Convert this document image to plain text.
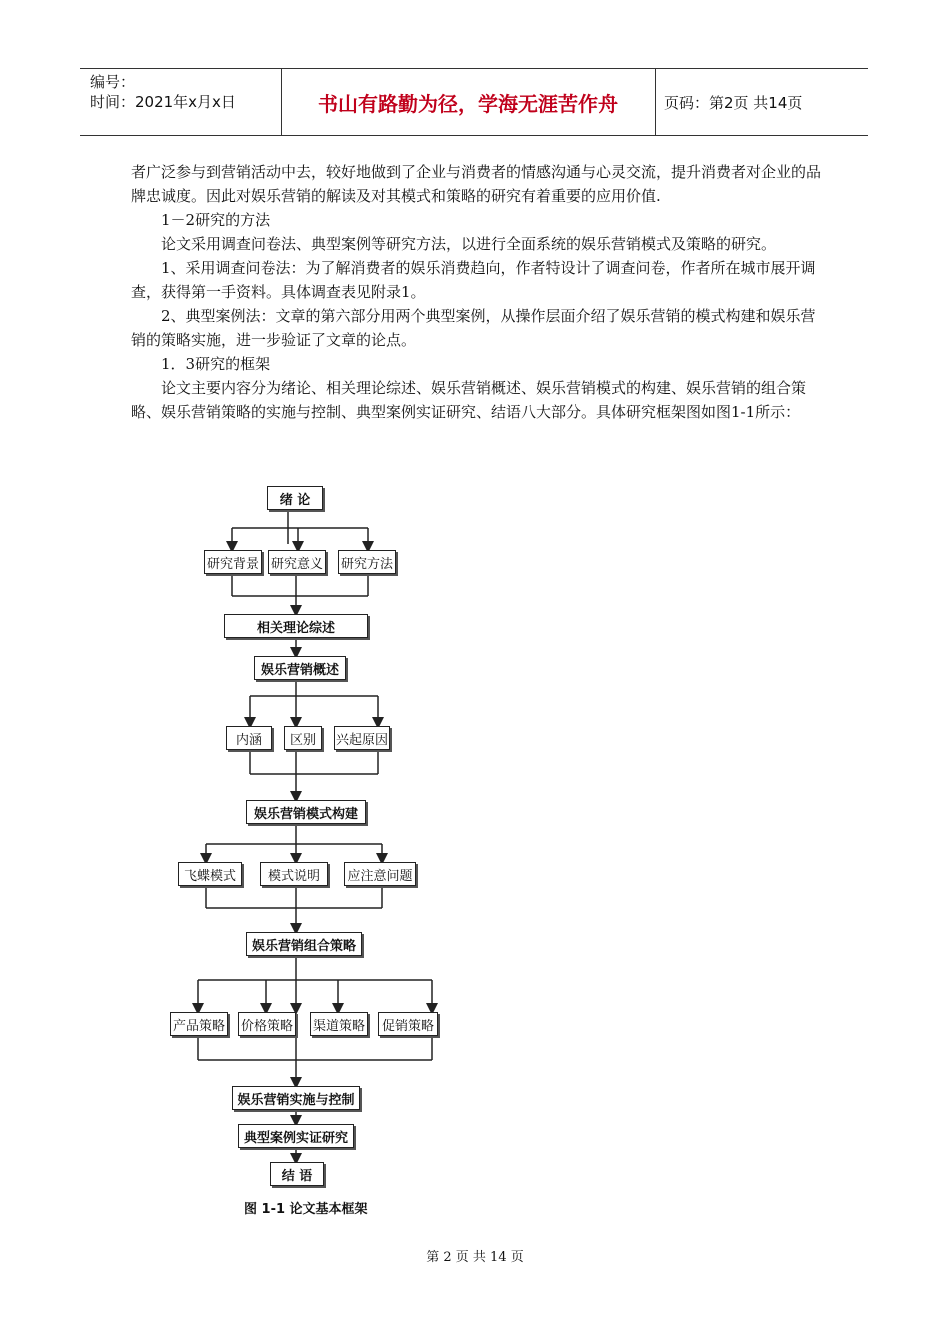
编号：
时间：2021年x月x日	书山有路勤为径，学海无涯苦作舟	页码：第2页 共14页

者广泛参与到营销活动中去，较好地做到了企业与消费者的情感沟通与心灵交流，提升消费者对企业的品牌忠诚度。因此对娱乐营销的解读及对其模式和策略的研究有着重要的应用价值.

1－2研究的方法

论文采用调查问卷法、典型案例等研究方法，以进行全面系统的娱乐营销模式及策略的研究。

1、采用调查问卷法：为了解消费者的娱乐消费趋向，作者特设计了调查问卷，作者所在城市展开调查，获得第一手资料。具体调查表见附录1。

2、典型案例法：文章的第六部分用两个典型案例，从操作层面介绍了娱乐营销的模式构建和娱乐营销的策略实施，进一步验证了文章的论点。

1．3研究的框架

论文主要内容分为绪论、相关理论综述、娱乐营销概述、娱乐营销模式的构建、娱乐营销的组合策略、娱乐营销策略的实施与控制、典型案例实证研究、结语八大部分。具体研究框架图如图1-1所示：

绪 论
研究背景 研究意义 研究方法
相关理论综述
娱乐营销概述
内涵	区别	兴起原因
娱乐营销模式构建
飞蝶模式	模式说明	应注意问题
娱乐营销组合策略
产品策略 价格策略 渠道策略	促销策略
娱乐营销实施与控制
典型案例实证研究
结 语
图 1-1 论文基本框架
第 2 页 共 14 页
